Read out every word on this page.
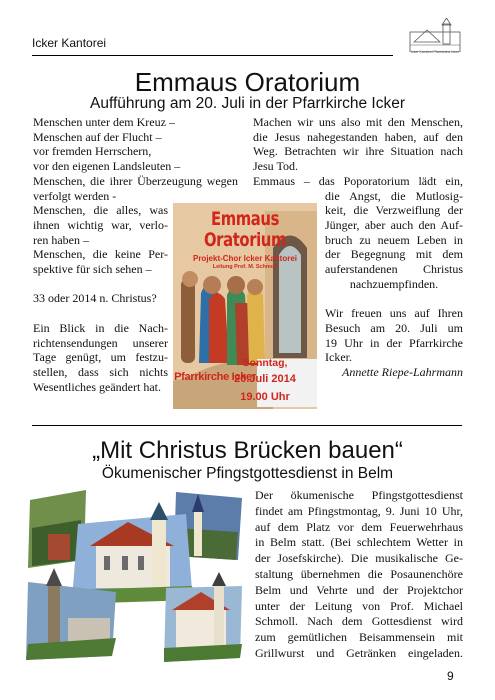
Icker Kantorei
Icker Kantorei Pfarrkirche Icker
Emmaus Oratorium
Aufführung am 20. Juli in der Pfarrkirche Icker

Menschen unter dem Kreuz –

Menschen auf der Flucht –

vor fremden Herrschern,

vor den eigenen Landsleuten –

Menschen, die ihrer Überzeugung wegen

verfolgt werden -

Menschen, die alles, was

ihnen wichtig war, verlo-

ren haben –

Menschen, die keine Per-

spektive für sich sehen –

33 oder 2014 n. Christus?

Ein Blick in die Nach-

richtensendungen unserer

Tage genügt, um festzu-

stellen, dass sich nichts

Wesentliches geändert hat.

Machen wir uns also mit den Menschen,

die Jesus nahegestanden haben, auf den

Weg. Betrachten wir ihre Situation nach

Jesu Tod.

Emmaus – das Poporatorium lädt ein,

die Angst, die Mutlosig-

keit, die Verzweiflung der

Jünger, aber auch den Auf-

bruch zu neuem Leben in

der Begegnung mit dem

auferstandenen Christus

nachzuempfinden.

Wir freuen uns auf Ihren

Besuch am 20. Juli um

19 Uhr in der Pfarrkirche

Icker.

Annette Riepe-Lahrmann

Emmaus Oratorium
Projekt-Chor Icker Kantorei
Leitung Prof. M. Schmoll
Pfarrkirche Icker
Sonntag,
20.Juli 2014
19.00 Uhr
„Mit Christus Brücken bauen“
Ökumenischer Pfingstgottesdienst in Belm

Der ökumenische Pfingstgottesdienst

findet am Pfingstmontag, 9. Juni 10 Uhr,

auf dem Platz vor dem Feuerwehrhaus

in Belm statt. (Bei schlechtem Wetter in

der Josefskirche). Die musikalische Ge-

staltung übernehmen die Posaunenchöre

Belm und Vehrte und der Projektchor

unter der Leitung von Prof. Michael

Schmoll. Nach dem Gottesdienst wird

zum gemütlichen Beisammensein mit

Grillwurst und Getränken eingeladen.

9
